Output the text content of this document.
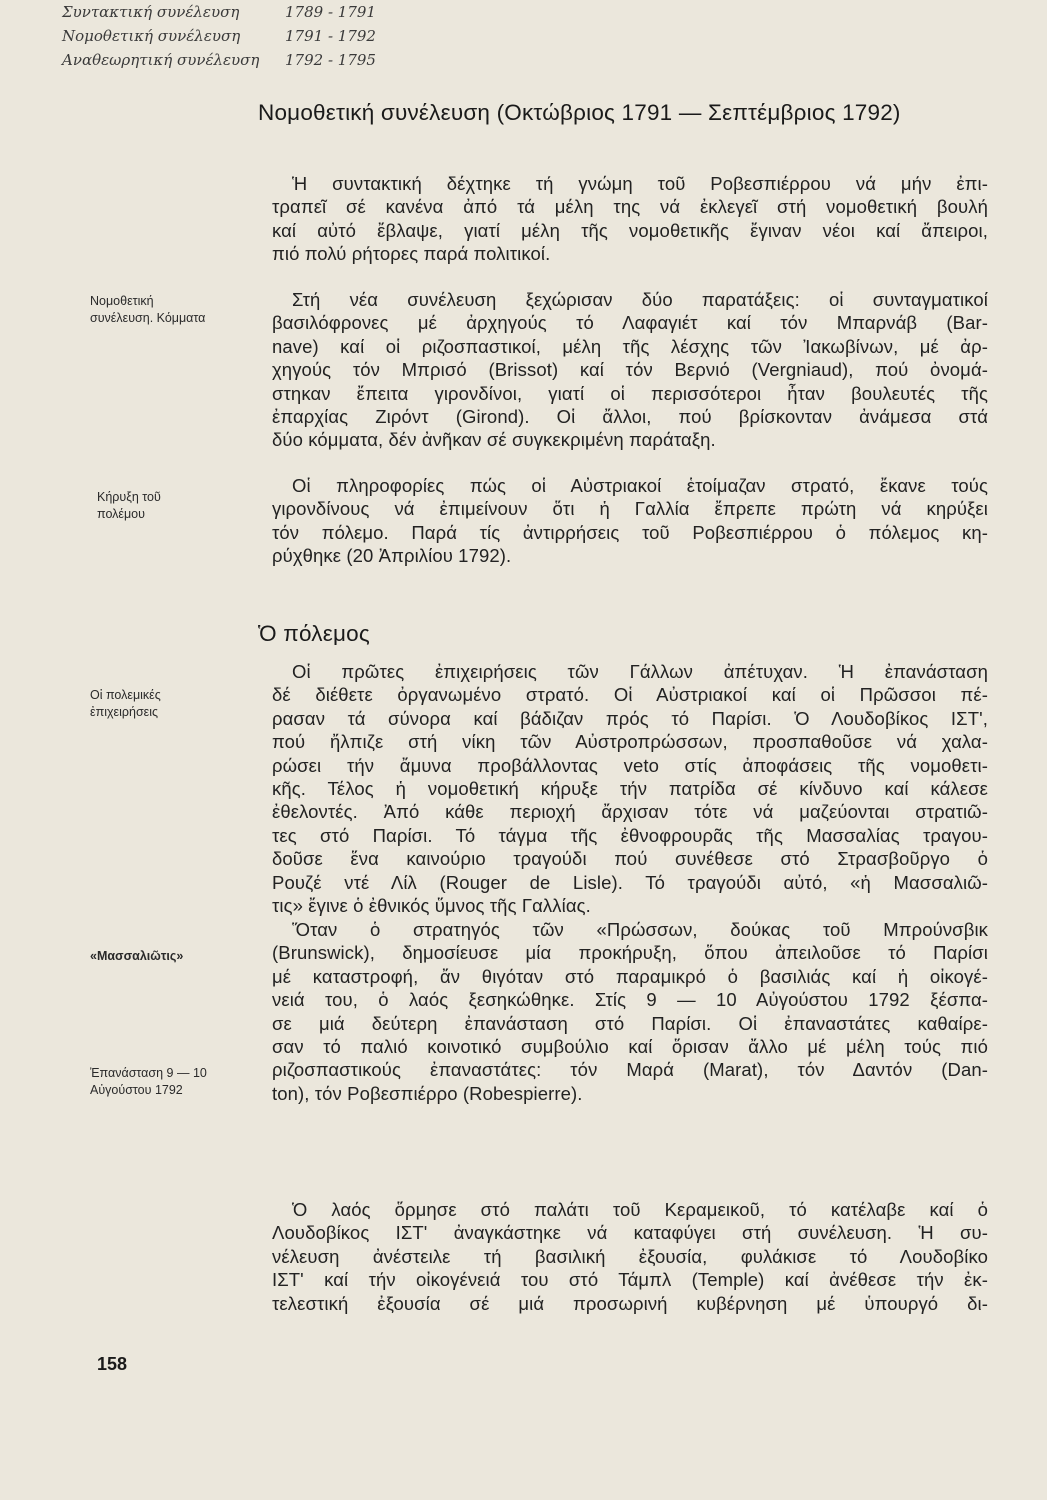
Συντακτική συνέλευση	1789 - 1791
Νομοθετική συνέλευση	1791 - 1792
Αναθεωρητική συνέλευση	1792 - 1795
Νομοθετική συνέλευση (Οκτώβριος 1791 — Σεπτέμβριος 1792)

Ἡ συντακτική δέχτηκε τή γνώμη τοῦ Ροβεσπιέρρου νά μήν ἐπι-
τραπεῖ σέ κανένα ἀπό τά μέλη της νά ἐκλεγεῖ στή νομοθετική βουλή
καί αὐτό ἔβλαψε, γιατί μέλη τῆς νομοθετικῆς ἔγιναν νέοι καί ἄπειροι,
πιό πολύ ρήτορες παρά πολιτικοί.

Στή νέα συνέλευση ξεχώρισαν δύο παρατάξεις: οἱ συνταγματικοί
βασιλόφρονες μέ ἀρχηγούς τό Λαφαγιέτ καί τόν Μπαρνάβ (Bar-
nave) καί οἱ ριζοσπαστικοί, μέλη τῆς λέσχης τῶν Ἰακωβίνων, μέ ἀρ-
χηγούς τόν Μπρισό (Brissot) καί τόν Βερνιό (Vergniaud), πού ὀνομά-
στηκαν ἔπειτα γιρονδίνοι, γιατί οἱ περισσότεροι ἦταν βουλευτές τῆς
ἐπαρχίας Ζιρόντ (Girond). Οἱ ἄλλοι, πού βρίσκονταν ἀνάμεσα στά
δύο κόμματα, δέν ἀνῆκαν σέ συγκεκριμένη παράταξη.

Οἱ πληροφορίες πώς οἱ Αὐστριακοί ἑτοίμαζαν στρατό, ἔκανε τούς
γιρονδίνους νά ἐπιμείνουν ὅτι ἡ Γαλλία ἔπρεπε πρώτη νά κηρύξει
τόν πόλεμο. Παρά τίς ἀντιρρήσεις τοῦ Ροβεσπιέρρου ὁ πόλεμος κη-
ρύχθηκε (20 Ἀπριλίου 1792).

Ὁ πόλεμος

Οἱ πρῶτες ἐπιχειρήσεις τῶν Γάλλων ἀπέτυχαν. Ἡ ἐπανάσταση
δέ διέθετε ὀργανωμένο στρατό. Οἱ Αὐστριακοί καί οἱ Πρῶσσοι πέ-
ρασαν τά σύνορα καί βάδιζαν πρός τό Παρίσι. Ὁ Λουδοβίκος ΙΣΤ',
πού ἤλπιζε στή νίκη τῶν Αὐστροπρώσσων, προσπαθοῦσε νά χαλα-
ρώσει τήν ἄμυνα προβάλλοντας veto στίς ἀποφάσεις τῆς νομοθετι-
κῆς. Τέλος ἡ νομοθετική κήρυξε τήν πατρίδα σέ κίνδυνο καί κάλεσε
ἐθελοντές. Ἀπό κάθε περιοχή ἄρχισαν τότε νά μαζεύονται στρατιῶ-
τες στό Παρίσι. Τό τάγμα τῆς ἐθνοφρουρᾶς τῆς Μασσαλίας τραγου-
δοῦσε ἕνα καινούριο τραγούδι πού συνέθεσε στό Στρασβοῦργο ὁ
Ρουζέ ντέ Λίλ (Rouger de Lisle). Τό τραγούδι αὐτό, «ἡ Μασσαλιῶ-
τις» ἔγινε ὁ ἐθνικός ὕμνος τῆς Γαλλίας.

Ὅταν ὁ στρατηγός τῶν «Πρώσσων, δούκας τοῦ Μπρούνσβικ
(Brunswick), δημοσίευσε μία προκήρυξη, ὅπου ἀπειλοῦσε τό Παρίσι
μέ καταστροφή, ἄν θιγόταν στό παραμικρό ὁ βασιλιάς καί ἡ οἰκογέ-
νειά του, ὁ λαός ξεσηκώθηκε. Στίς 9 — 10 Αὐγούστου 1792 ξέσπα-
σε μιά δεύτερη ἐπανάσταση στό Παρίσι. Οἱ ἐπαναστάτες καθαίρε-
σαν τό παλιό κοινοτικό συμβούλιο καί ὅρισαν ἄλλο μέ μέλη τούς πιό
ριζοσπαστικούς ἐπαναστάτες: τόν Μαρά (Marat), τόν Δαντόν (Dan-
ton), τόν Ροβεσπιέρρο (Robespierre).

Ὁ λαός ὅρμησε στό παλάτι τοῦ Κεραμεικοῦ, τό κατέλαβε καί ὁ
Λουδοβίκος ΙΣΤ' ἀναγκάστηκε νά καταφύγει στή συνέλευση. Ἡ συ-
νέλευση ἀνέστειλε τή βασιλική ἐξουσία, φυλάκισε τό Λουδοβίκο
ΙΣΤ' καί τήν οἰκογένειά του στό Τάμπλ (Temple) καί ἀνέθεσε τήν ἐκ-
τελεστική ἐξουσία σέ μιά προσωρινή κυβέρνηση μέ ὑπουργό δι-

Νομοθετική
συνέλευση. Κόμματα

Κήρυξη τοῦ
πολέμου

Οἱ πολεμικές
ἐπιχειρήσεις

«Μασσαλιῶτις»

Ἐπανάσταση 9 — 10
Αὐγούστου 1792

158
